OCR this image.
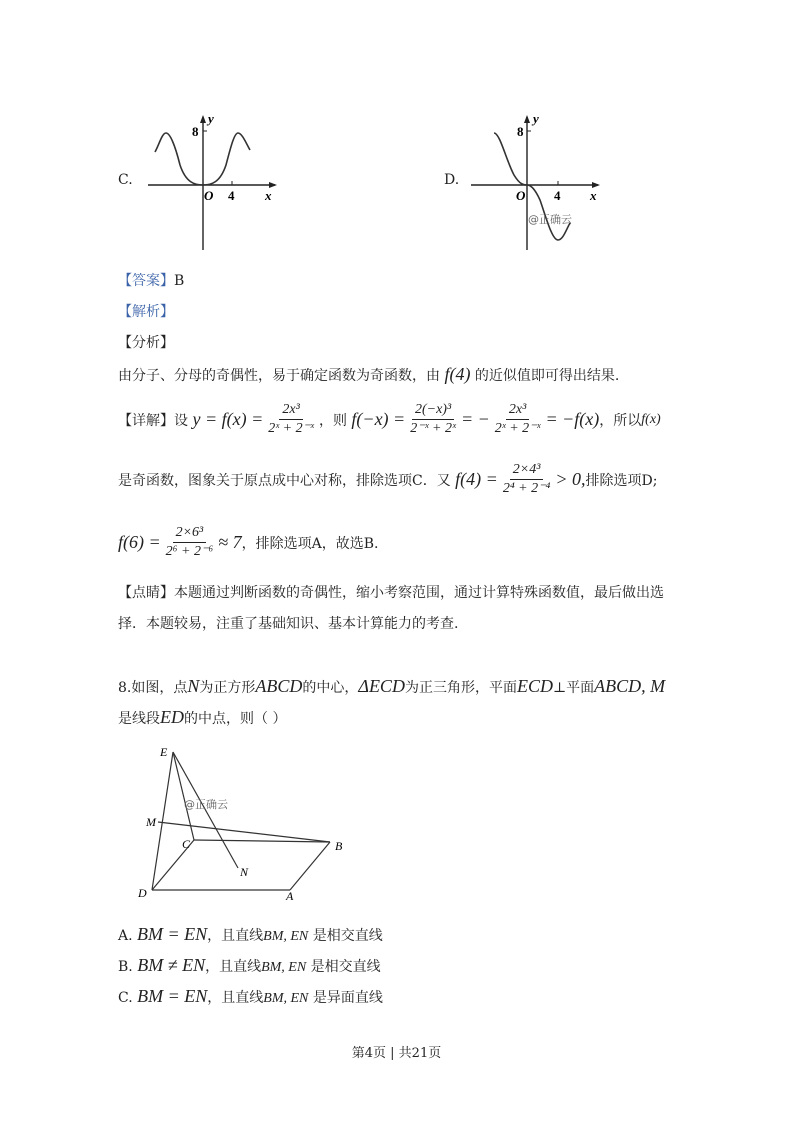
C.
8
y
O 4 x
D.
8
y
O 4 x
@正确云
【答案】B
【解析】
【分析】
由分子、分母的奇偶性，易于确定函数为奇函数，由 f(4) 的近似值即可得出结果.
【详解】 设
$y = f(x) = \frac{\text{2x³}}{\text{2ˣ + 2⁻ˣ}}$ ，则
$f(-x) = \frac{\text{2(−x)³}}{\text{2⁻ˣ + 2ˣ}}$ = − $\frac{\text{2x³}}{\text{2ˣ + 2⁻ˣ}} = -f(x)$ ，所以 f(x)
是奇函数，图象关于原点成中心对称，排除选项C．又
$f(4) = \frac{\text{2×4³}}{\text{2⁴ + 2⁻⁴}} > 0$, 排除选项D;
$f(6) = \frac{\text{2×6³}}{\text{2⁶ + 2⁻⁶}} \approx 7$ ，排除选项A，故选B.
【点睛】本题通过判断函数的奇偶性，缩小考察范围，通过计算特殊函数值，最后做出选
择．本题较易，注重了基础知识、基本计算能力的考查.
8.如图，点N为正方形ABCD的中心，ΔECD为正三角形，平面ECD⊥平面ABCD, M
是线段ED的中点，则（ ）
E
M
C	B
N
D	A
@正确云
A. BM = EN，且直线BM, EN 是相交直线
B. BM ≠ EN，且直线BM, EN 是相交直线
C. BM = EN，且直线BM, EN 是异面直线
第4页 | 共21页
